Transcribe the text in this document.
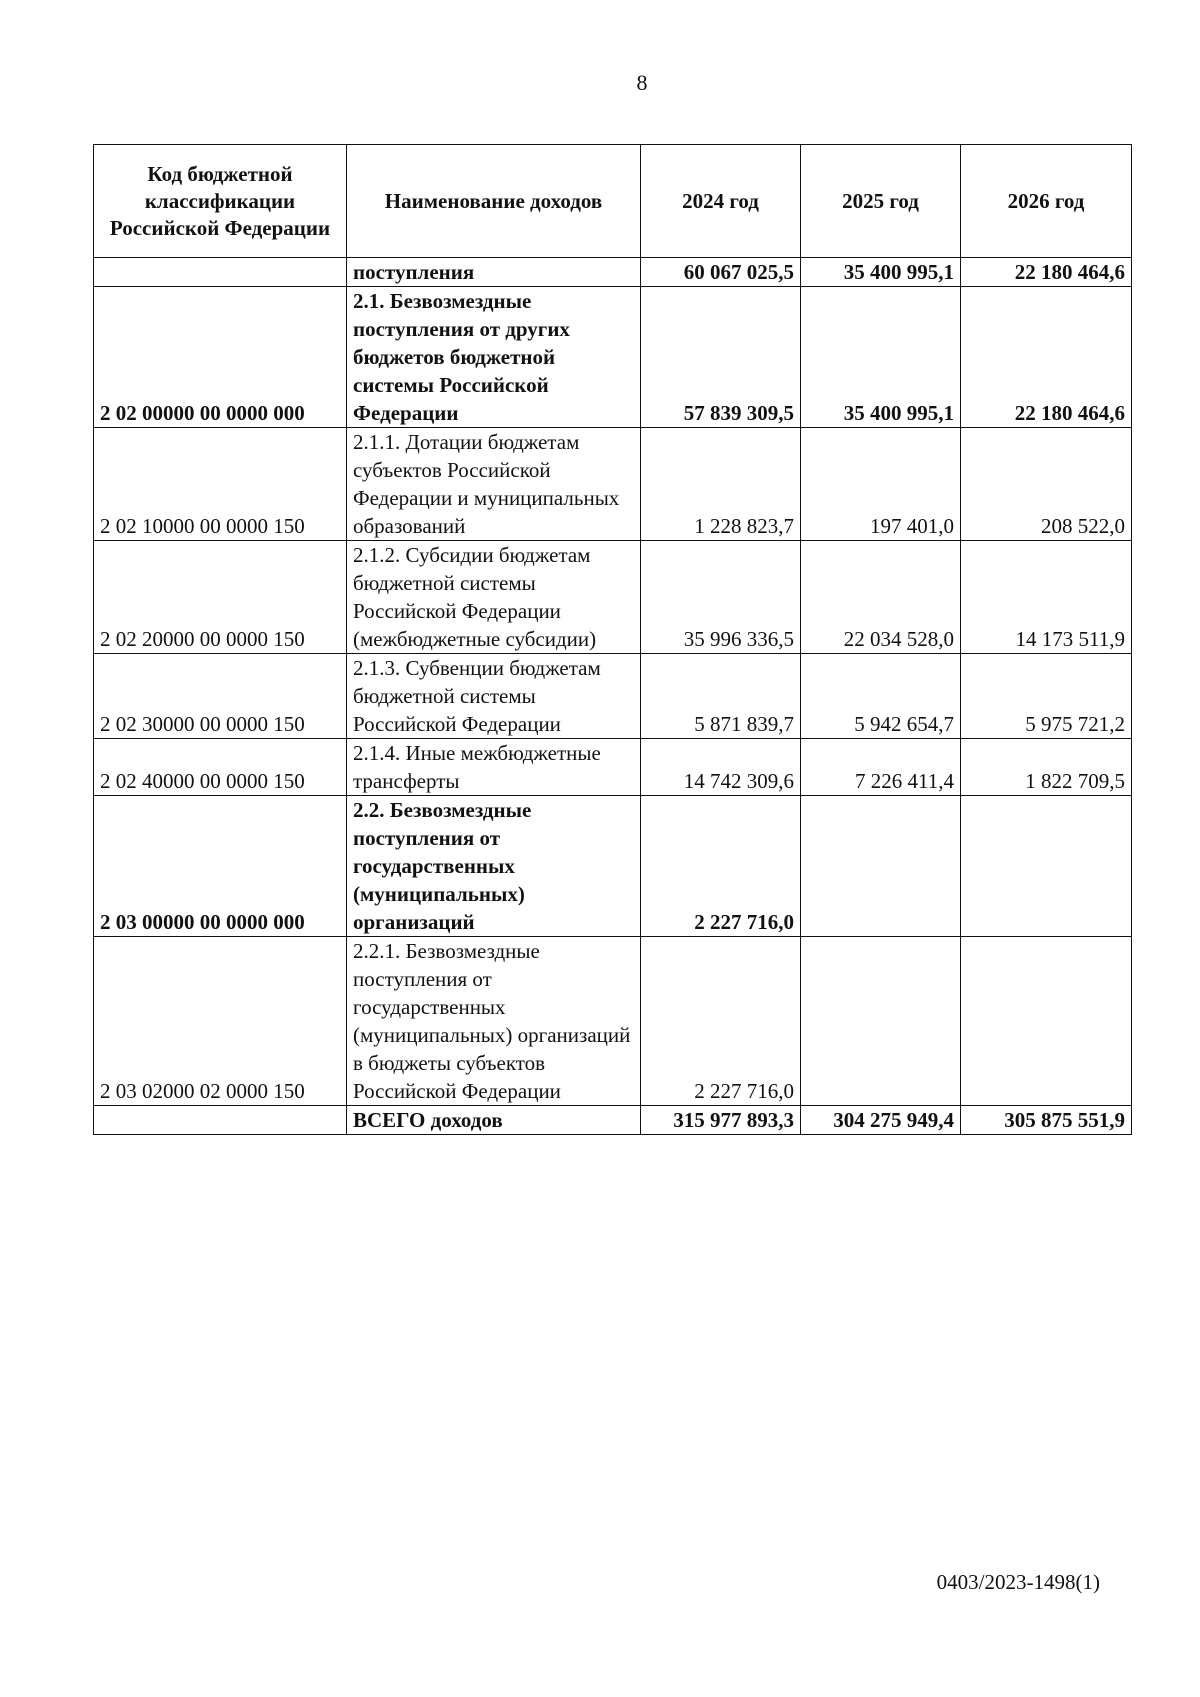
8
Код бюджетной классификации Российской Федерации	Наименование доходов	2024 год	2025 год	2026 год
	поступления	60 067 025,5	35 400 995,1	22 180 464,6
2 02 00000 00 0000 000	2.1. Безвозмездные поступления от других бюджетов бюджетной системы Российской Федерации	57 839 309,5	35 400 995,1	22 180 464,6
2 02 10000 00 0000 150	2.1.1. Дотации бюджетам субъектов Российской Федерации и муниципальных образований	1 228 823,7	197 401,0	208 522,0
2 02 20000 00 0000 150	2.1.2. Субсидии бюджетам бюджетной системы Российской Федерации (межбюджетные субсидии)	35 996 336,5	22 034 528,0	14 173 511,9
2 02 30000 00 0000 150	2.1.3. Субвенции бюджетам бюджетной системы Российской Федерации	5 871 839,7	5 942 654,7	5 975 721,2
2 02 40000 00 0000 150	2.1.4. Иные межбюджетные трансферты	14 742 309,6	7 226 411,4	1 822 709,5
2 03 00000 00 0000 000	2.2. Безвозмездные поступления от государственных (муниципальных) организаций	2 227 716,0		
2 03 02000 02 0000 150	2.2.1. Безвозмездные поступления от государственных (муниципальных) организаций в бюджеты субъектов Российской Федерации	2 227 716,0		
	ВСЕГО доходов	315 977 893,3	304 275 949,4	305 875 551,9
0403/2023-1498(1)
